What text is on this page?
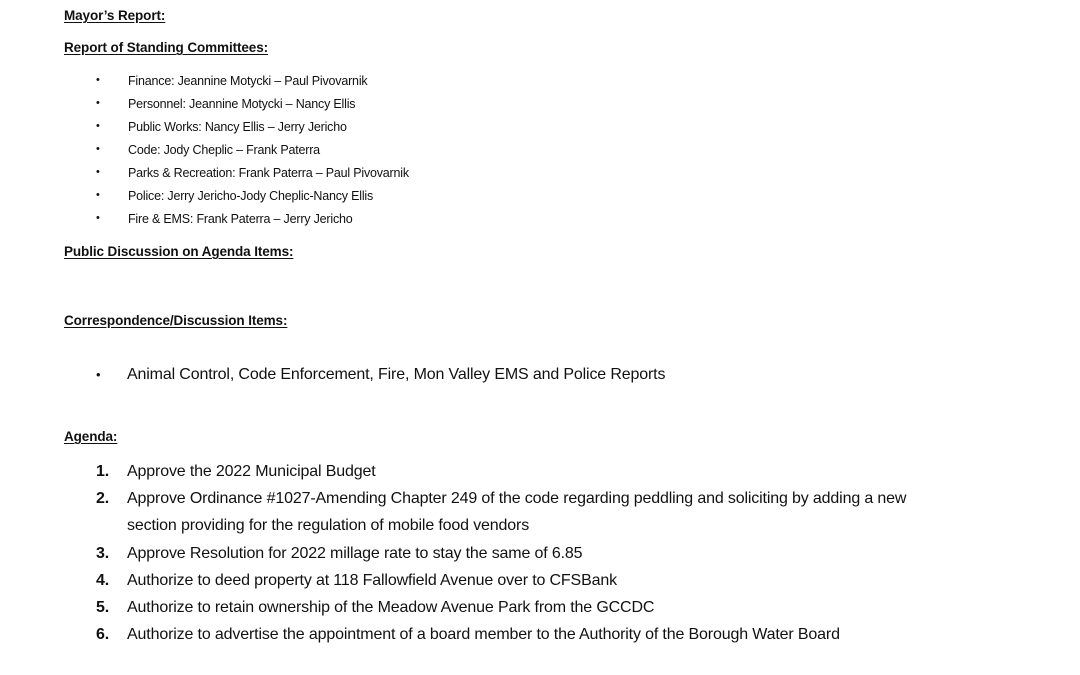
Mayor’s Report:
Report of Standing Committees:
• Finance: Jeannine Motycki – Paul Pivovarnik
• Personnel: Jeannine Motycki – Nancy Ellis
• Public Works: Nancy Ellis – Jerry Jericho
• Code: Jody Cheplic – Frank Paterra
• Parks & Recreation: Frank Paterra – Paul Pivovarnik
• Police: Jerry Jericho-Jody Cheplic-Nancy Ellis
• Fire & EMS: Frank Paterra – Jerry Jericho
Public Discussion on Agenda Items:
Correspondence/Discussion Items:
• Animal Control, Code Enforcement, Fire, Mon Valley EMS and Police Reports
Agenda:
1. Approve the 2022 Municipal Budget
2. Approve Ordinance #1027-Amending Chapter 249 of the code regarding peddling and soliciting by adding a new
section providing for the regulation of mobile food vendors
3. Approve Resolution for 2022 millage rate to stay the same of 6.85
4. Authorize to deed property at 118 Fallowfield Avenue over to CFSBank
5. Authorize to retain ownership of the Meadow Avenue Park from the GCCDC
6. Authorize to advertise the appointment of a board member to the Authority of the Borough Water Board
